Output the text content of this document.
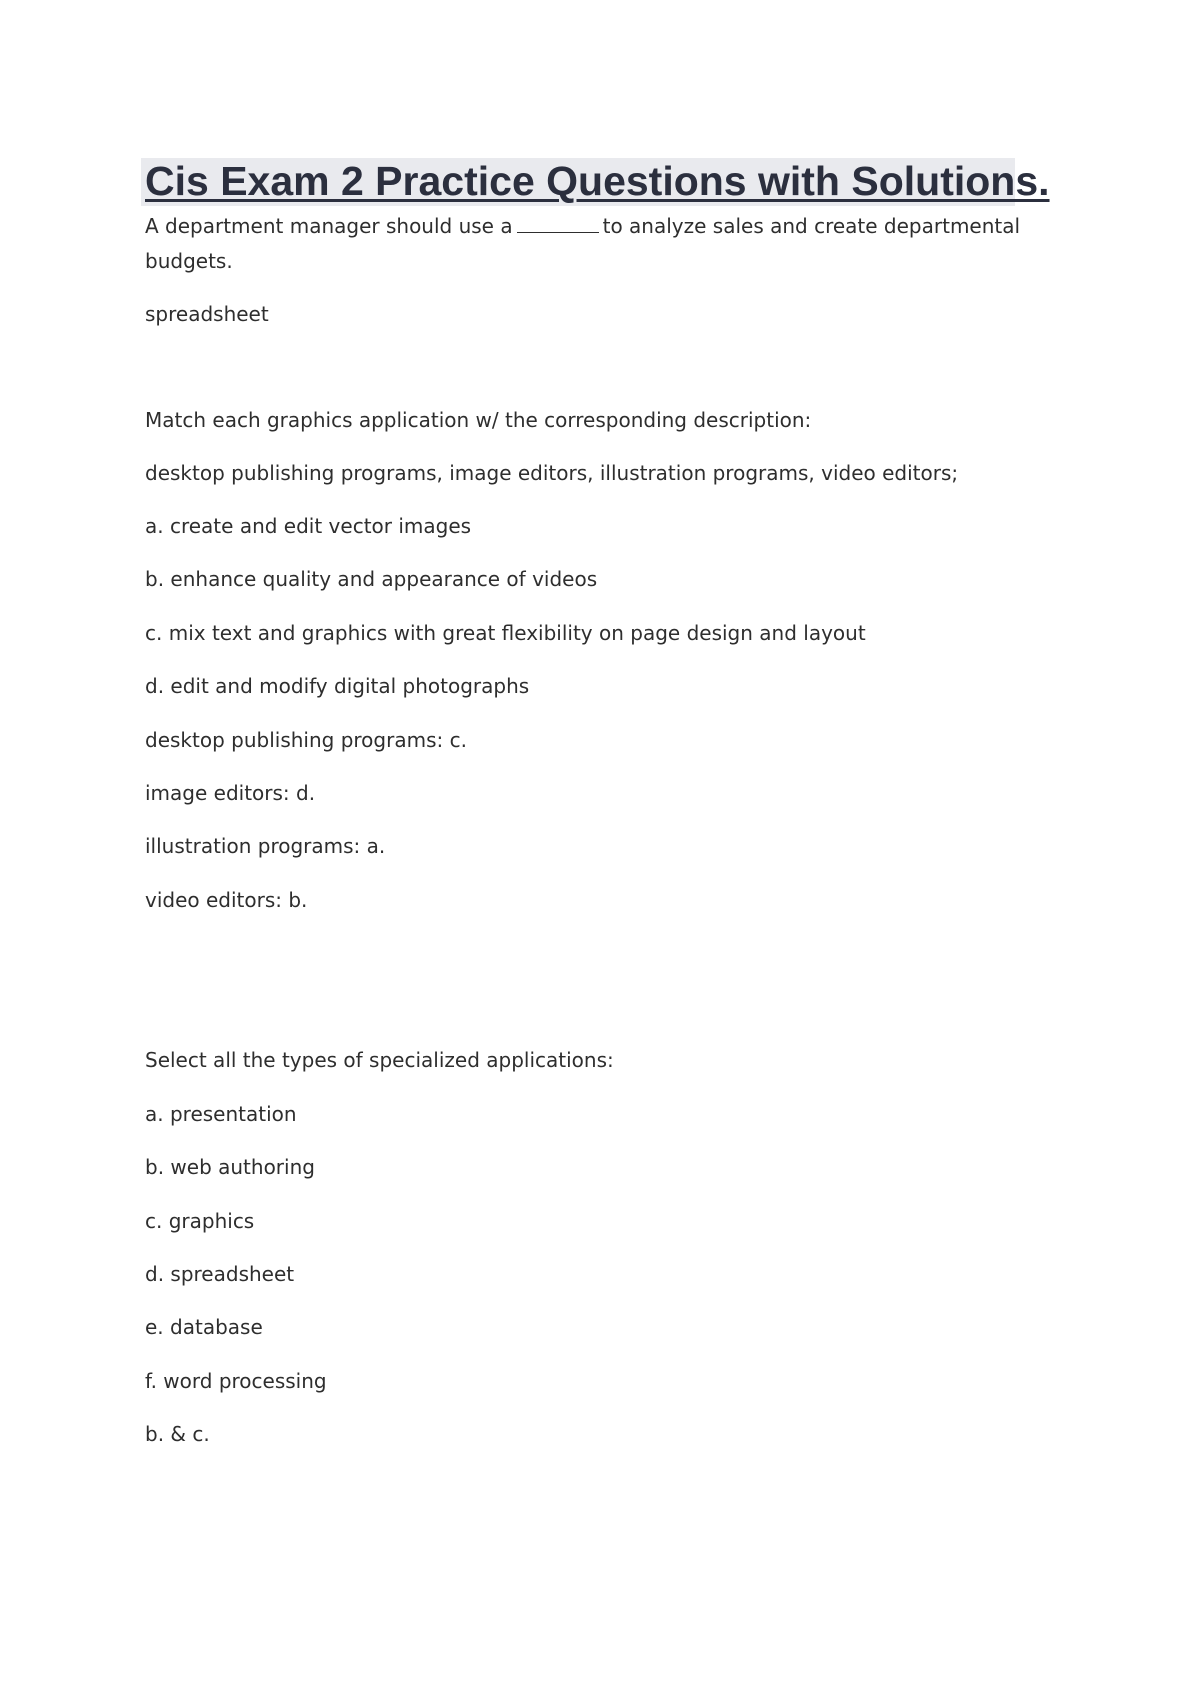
Cis Exam 2 Practice Questions with Solutions.

A department manager should use a	to analyze sales and create departmental

budgets.

spreadsheet

Match each graphics application w/ the corresponding description:

desktop publishing programs, image editors, illustration programs, video editors;

a. create and edit vector images

b. enhance quality and appearance of videos

c. mix text and graphics with great flexibility on page design and layout

d. edit and modify digital photographs

desktop publishing programs: c.

image editors: d.

illustration programs: a.

video editors: b.

Select all the types of specialized applications:

a. presentation

b. web authoring

c. graphics

d. spreadsheet

e. database

f. word processing

b. & c.
